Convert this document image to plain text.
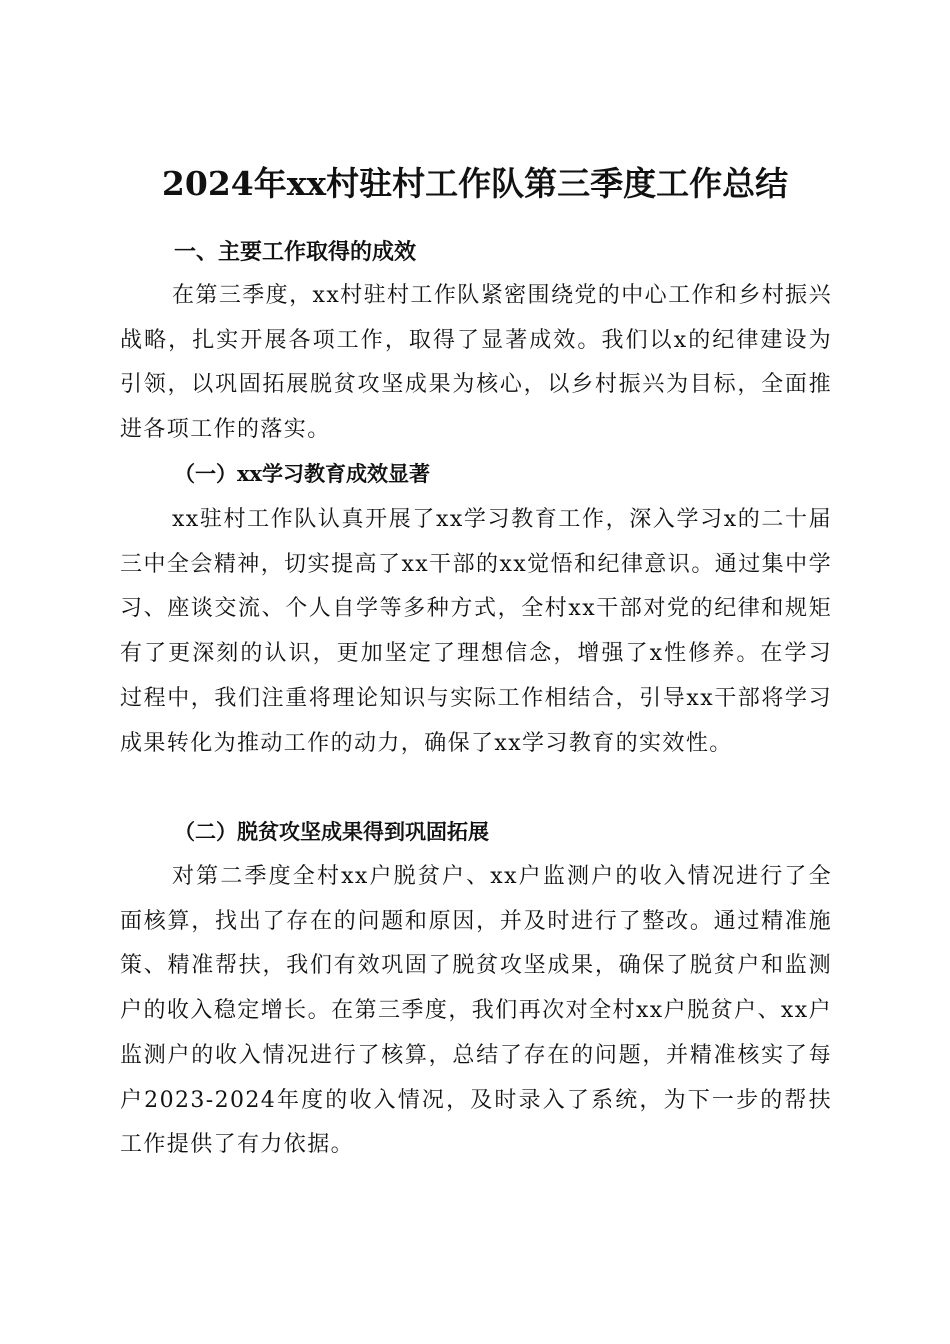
2024年xx村驻村工作队第三季度工作总结
一、主要工作取得的成效

在第三季度，xx村驻村工作队紧密围绕党的中心工作和乡村振兴战略，扎实开展各项工作，取得了显著成效。我们以x的纪律建设为引领，以巩固拓展脱贫攻坚成果为核心，以乡村振兴为目标，全面推进各项工作的落实。

（一）xx学习教育成效显著

xx驻村工作队认真开展了xx学习教育工作，深入学习x的二十届三中全会精神，切实提高了xx干部的xx觉悟和纪律意识。通过集中学习、座谈交流、个人自学等多种方式，全村xx干部对党的纪律和规矩有了更深刻的认识，更加坚定了理想信念，增强了x性修养。在学习过程中，我们注重将理论知识与实际工作相结合，引导xx干部将学习成果转化为推动工作的动力，确保了xx学习教育的实效性。

（二）脱贫攻坚成果得到巩固拓展

对第二季度全村xx户脱贫户、xx户监测户的收入情况进行了全面核算，找出了存在的问题和原因，并及时进行了整改。通过精准施策、精准帮扶，我们有效巩固了脱贫攻坚成果，确保了脱贫户和监测户的收入稳定增长。在第三季度，我们再次对全村xx户脱贫户、xx户监测户的收入情况进行了核算，总结了存在的问题，并精准核实了每户2023-2024年度的收入情况，及时录入了系统，为下一步的帮扶工作提供了有力依据。
